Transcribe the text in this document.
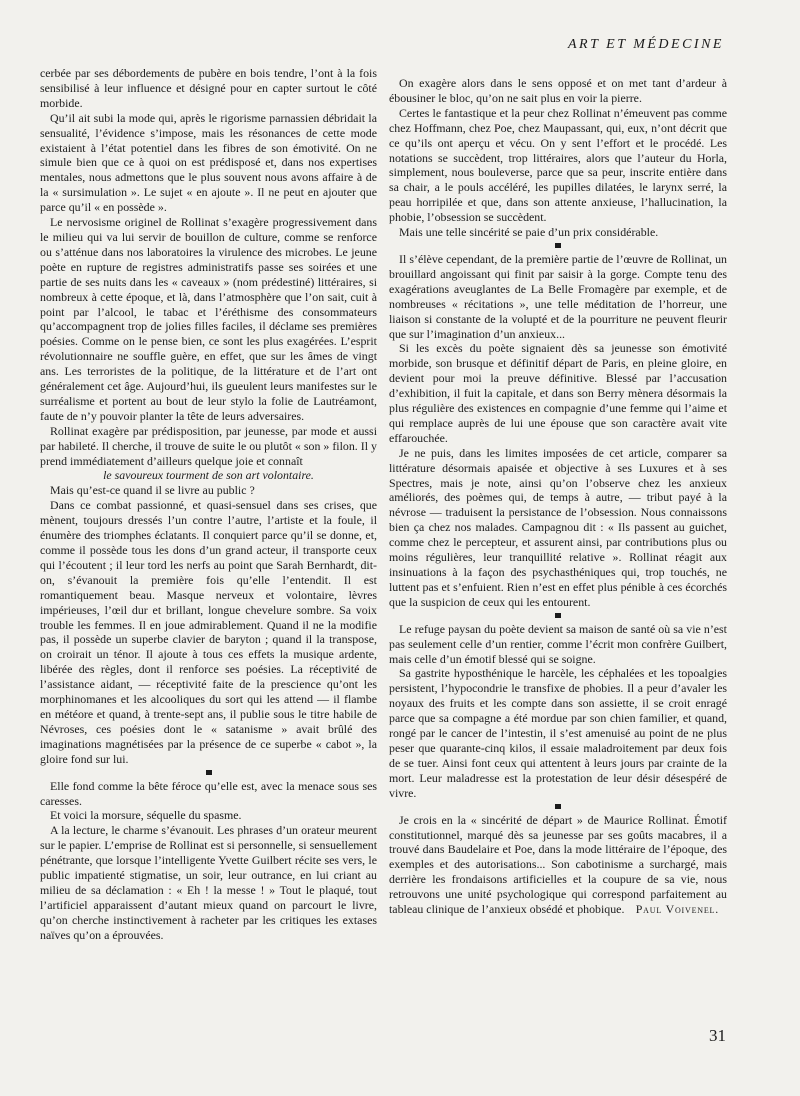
ART ET MÉDECINE

cerbée par ses débordements de pubère en bois tendre, l’ont à la fois sensibilisé à leur influence et désigné pour en capter surtout le côté morbide.

Qu’il ait subi la mode qui, après le rigorisme parnassien débridait la sensualité, l’évidence s’impose, mais les résonances de cette mode existaient à l’état potentiel dans les fibres de son émotivité. On ne simule bien que ce à quoi on est prédisposé et, dans nos expertises mentales, nous admettons que le plus souvent nous avons affaire à de la « sursimulation ». Le sujet « en ajoute ». Il ne peut en ajouter que parce qu’il « en possède ».

Le nervosisme originel de Rollinat s’exagère progressivement dans le milieu qui va lui servir de bouillon de culture, comme se renforce ou s’atténue dans nos laboratoires la virulence des microbes. Le jeune poète en rupture de registres administratifs passe ses soirées et une partie de ses nuits dans les « caveaux » (nom prédestiné) littéraires, si nombreux à cette époque, et là, dans l’atmosphère que l’on sait, cuit à point par l’alcool, le tabac et l’éréthisme des consommateurs qu’accompagnent trop de jolies filles faciles, il déclame ses premières poésies. Comme on le pense bien, ce sont les plus exagérées. L’esprit révolutionnaire ne souffle guère, en effet, que sur les âmes de vingt ans. Les terroristes de la politique, de la littérature et de l’art ont généralement cet âge. Aujourd’hui, ils gueulent leurs manifestes sur le surréalisme et portent au bout de leur stylo la folie de Lautréamont, faute de n’y pouvoir planter la tête de leurs adversaires.

Rollinat exagère par prédisposition, par jeunesse, par mode et aussi par habileté. Il cherche, il trouve de suite le ou plutôt « son » filon. Il y prend immédiatement d’ailleurs quelque joie et connaît

le savoureux tourment de son art volontaire.

Mais qu’est-ce quand il se livre au public ?

Dans ce combat passionné, et quasi-sensuel dans ses crises, que mènent, toujours dressés l’un contre l’autre, l’artiste et la foule, il énumère des triomphes éclatants. Il conquiert parce qu’il se donne, et, comme il possède tous les dons d’un grand acteur, il transporte ceux qui l’écoutent ; il leur tord les nerfs au point que Sarah Bernhardt, dit-on, s’évanouit la première fois qu’elle l’entendit. Il est romantiquement beau. Masque nerveux et volontaire, lèvres impérieuses, l’œil dur et brillant, longue chevelure sombre. Sa voix trouble les femmes. Il en joue admirablement. Quand il ne la modifie pas, il possède un superbe clavier de baryton ; quand il la transpose, on croirait un ténor. Il ajoute à tous ces effets la musique ardente, libérée des règles, dont il renforce ses poésies. La réceptivité de l’assistance aidant, — réceptivité faite de la prescience qu’ont les morphinomanes et les alcooliques du sort qui les attend — il flambe en météore et quand, à trente-sept ans, il publie sous le titre habile de Névroses, ces poésies dont le « satanisme » avait brûlé des imaginations magnétisées par la présence de ce superbe « cabot », la gloire fond sur lui.

Elle fond comme la bête féroce qu’elle est, avec la menace sous ses caresses.

Et voici la morsure, séquelle du spasme.

A la lecture, le charme s’évanouit. Les phrases d’un orateur meurent sur le papier. L’emprise de Rollinat est si personnelle, si sensuellement pénétrante, que lorsque l’intelligente Yvette Guilbert récite ses vers, le public impatienté stigmatise, un soir, leur outrance, en lui criant au milieu de sa déclamation : « Eh ! la messe ! » Tout le plaqué, tout l’artificiel apparaissent d’autant mieux quand on parcourt le livre, qu’on cherche instinctivement à racheter par les critiques les extases naïves qu’on a éprouvées.

On exagère alors dans le sens opposé et on met tant d’ardeur à ébousiner le bloc, qu’on ne sait plus en voir la pierre.

Certes le fantastique et la peur chez Rollinat n’émeuvent pas comme chez Hoffmann, chez Poe, chez Maupassant, qui, eux, n’ont décrit que ce qu’ils ont aperçu et vécu. On y sent l’effort et le procédé. Les notations se succèdent, trop littéraires, alors que l’auteur du Horla, simplement, nous bouleverse, parce que sa peur, inscrite entière dans sa chair, a le pouls accéléré, les pupilles dilatées, le larynx serré, la peau horripilée et que, dans son attente anxieuse, l’hallucination, la phobie, l’obsession se succèdent.

Mais une telle sincérité se paie d’un prix considérable.

Il s’élève cependant, de la première partie de l’œuvre de Rollinat, un brouillard angoissant qui finit par saisir à la gorge. Compte tenu des exagérations aveuglantes de La Belle Fromagère par exemple, et de nombreuses « récitations », une telle méditation de l’horreur, une liaison si constante de la volupté et de la pourriture ne peuvent fleurir que sur l’imagination d’un anxieux...

Si les excès du poète signaient dès sa jeunesse son émotivité morbide, son brusque et définitif départ de Paris, en pleine gloire, en devient pour moi la preuve définitive. Blessé par l’accusation d’exhibition, il fuit la capitale, et dans son Berry mènera désormais la plus régulière des existences en compagnie d’une femme qui l’aime et qui remplace auprès de lui une épouse que son caractère avait vite effarouchée.

Je ne puis, dans les limites imposées de cet article, comparer sa littérature désormais apaisée et objective à ses Luxures et à ses Spectres, mais je note, ainsi qu’on l’observe chez les anxieux améliorés, des poèmes qui, de temps à autre, — tribut payé à la névrose — traduisent la persistance de l’obsession. Nous connaissons bien ça chez nos malades. Campagnou dit : « Ils passent au guichet, comme chez le percepteur, et assurent ainsi, par contributions plus ou moins régulières, leur tranquillité relative ». Rollinat réagit aux insinuations à la façon des psychasthéniques qui, trop touchés, ne luttent pas et s’enfuient. Rien n’est en effet plus pénible à ces écorchés que la suspicion de ceux qui les entourent.

Le refuge paysan du poète devient sa maison de santé où sa vie n’est pas seulement celle d’un rentier, comme l’écrit mon confrère Guilbert, mais celle d’un émotif blessé qui se soigne.

Sa gastrite hyposthénique le harcèle, les céphalées et les topoalgies persistent, l’hypocondrie le transfixe de phobies. Il a peur d’avaler les noyaux des fruits et les compte dans son assiette, il se croit enragé parce que sa compagne a été mordue par son chien familier, et quand, rongé par le cancer de l’intestin, il s’est amenuisé au point de ne plus peser que quarante-cinq kilos, il essaie maladroitement par deux fois de se tuer. Ainsi font ceux qui attentent à leurs jours par crainte de la mort. Leur maladresse est la protestation de leur désir désespéré de vivre.

Je crois en la « sincérité de départ » de Maurice Rollinat. Émotif constitutionnel, marqué dès sa jeunesse par ses goûts macabres, il a trouvé dans Baudelaire et Poe, dans la mode littéraire de l’époque, des exemples et des autorisations... Son cabotinisme a surchargé, mais derrière les frondaisons artificielles et la coupure de sa vie, nous retrouvons une unité psychologique qui correspond parfaitement au tableau clinique de l’anxieux obsédé et phobique. Paul Voivenel.

31
